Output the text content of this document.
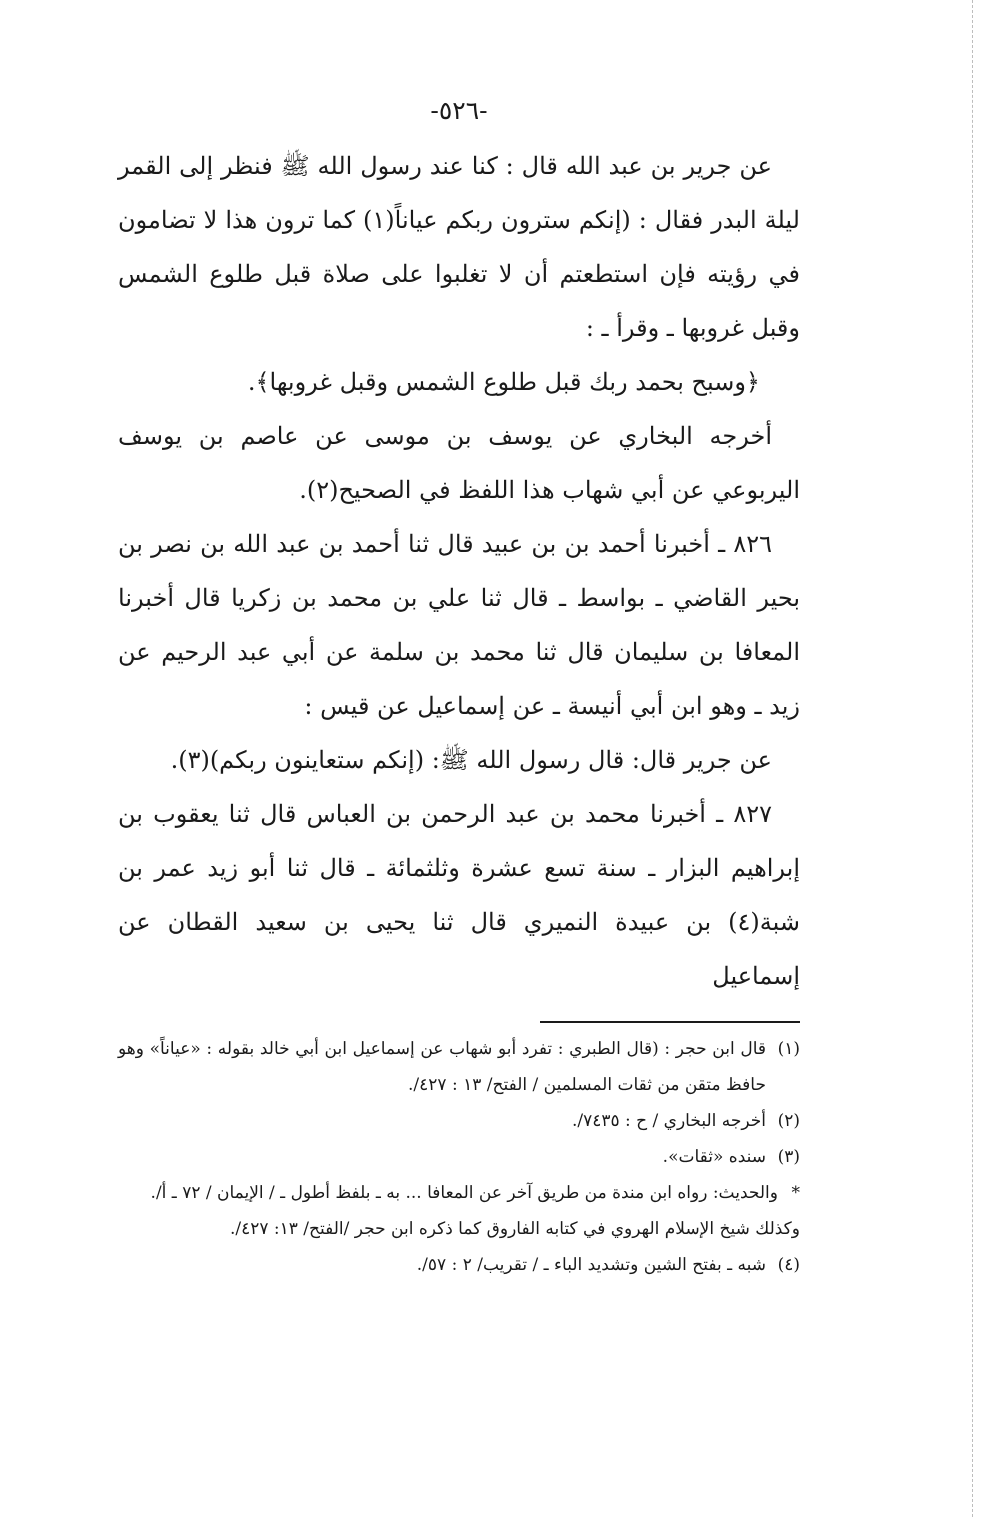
-٥٢٦-

عن جرير بن عبد الله قال : كنا عند رسول الله ﷺ فنظر إلى القمر ليلة البدر فقال : (إنكم سترون ربكم عياناً(١) كما ترون هذا لا تضامون في رؤيته فإن استطعتم أن لا تغلبوا على صلاة قبل طلوع الشمس وقبل غروبها ـ وقرأ ـ :

﴿وسبح بحمد ربك قبل طلوع الشمس وقبل غروبها﴾.

أخرجه البخاري عن يوسف بن موسى عن عاصم بن يوسف اليربوعي عن أبي شهاب هذا اللفظ في الصحيح(٢).

٨٢٦ ـ أخبرنا أحمد بن بن عبيد قال ثنا أحمد بن عبد الله بن نصر بن بحير القاضي ـ بواسط ـ قال ثنا علي بن محمد بن زكريا قال أخبرنا المعافا بن سليمان قال ثنا محمد بن سلمة عن أبي عبد الرحيم عن زيد ـ وهو ابن أبي أنيسة ـ عن إسماعيل عن قيس :

عن جرير قال: قال رسول الله ﷺ: (إنكم ستعاينون ربكم)(٣).

٨٢٧ ـ أخبرنا محمد بن عبد الرحمن بن العباس قال ثنا يعقوب بن إبراهيم البزار ـ سنة تسع عشرة وثلثمائة ـ قال ثنا أبو زيد عمر بن شبة(٤) بن عبيدة النميري قال ثنا يحيى بن سعيد القطان عن إسماعيل

(١)
قال ابن حجر : (قال الطبري : تفرد أبو شهاب عن إسماعيل ابن أبي خالد بقوله : «عياناً» وهو حافظ متقن من ثقات المسلمين / الفتح/ ١٣ : ٤٢٧/.
(٢)
أخرجه البخاري / ح : ٧٤٣٥/.
(٣)
سنده «ثقات».
*
والحديث: رواه ابن مندة من طريق آخر عن المعافا ... به ـ بلفظ أطول ـ / الإيمان / ٧٢ ـ أ/.
وكذلك شيخ الإسلام الهروي في كتابه الفاروق كما ذكره ابن حجر /الفتح/ ١٣: ٤٢٧/.
(٤)
شبه ـ بفتح الشين وتشديد الباء ـ / تقريب/ ٢ : ٥٧/.
